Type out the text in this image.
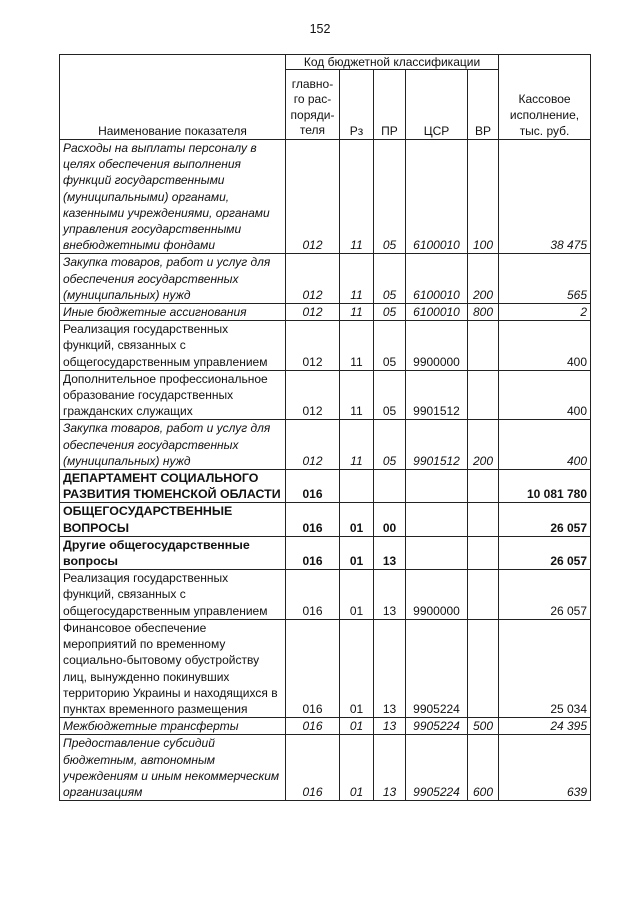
152
Наименование показателя	Код бюджетной классификации					Кассовое исполнение, тыс. руб.
	главно-го рас-поряди-теля	Рз	ПР	ЦСР	ВР	
Расходы на выплаты персоналу в целях обеспечения выполнения функций государственными (муниципальными) органами, казенными учреждениями, органами управления государственными внебюджетными фондами	012	11	05	6100010	100	38 475
Закупка товаров, работ и услуг для обеспечения государственных (муниципальных) нужд	012	11	05	6100010	200	565
Иные бюджетные ассигнования	012	11	05	6100010	800	2
Реализация государственных функций, связанных с общегосударственным управлением	012	11	05	9900000		400
Дополнительное профессиональное образование государственных гражданских служащих	012	11	05	9901512		400
Закупка товаров, работ и услуг для обеспечения государственных (муниципальных) нужд	012	11	05	9901512	200	400
ДЕПАРТАМЕНТ СОЦИАЛЬНОГО РАЗВИТИЯ ТЮМЕНСКОЙ ОБЛАСТИ	016					10 081 780
ОБЩЕГОСУДАРСТВЕННЫЕ ВОПРОСЫ	016	01	00			26 057
Другие общегосударственные вопросы	016	01	13			26 057
Реализация государственных функций, связанных с общегосударственным управлением	016	01	13	9900000		26 057
Финансовое обеспечение мероприятий по временному социально-бытовому обустройству лиц, вынужденно покинувших территорию Украины и находящихся в пунктах временного размещения	016	01	13	9905224		25 034
Межбюджетные трансферты	016	01	13	9905224	500	24 395
Предоставление субсидий бюджетным, автономным учреждениям и иным некоммерческим организациям	016	01	13	9905224	600	639
